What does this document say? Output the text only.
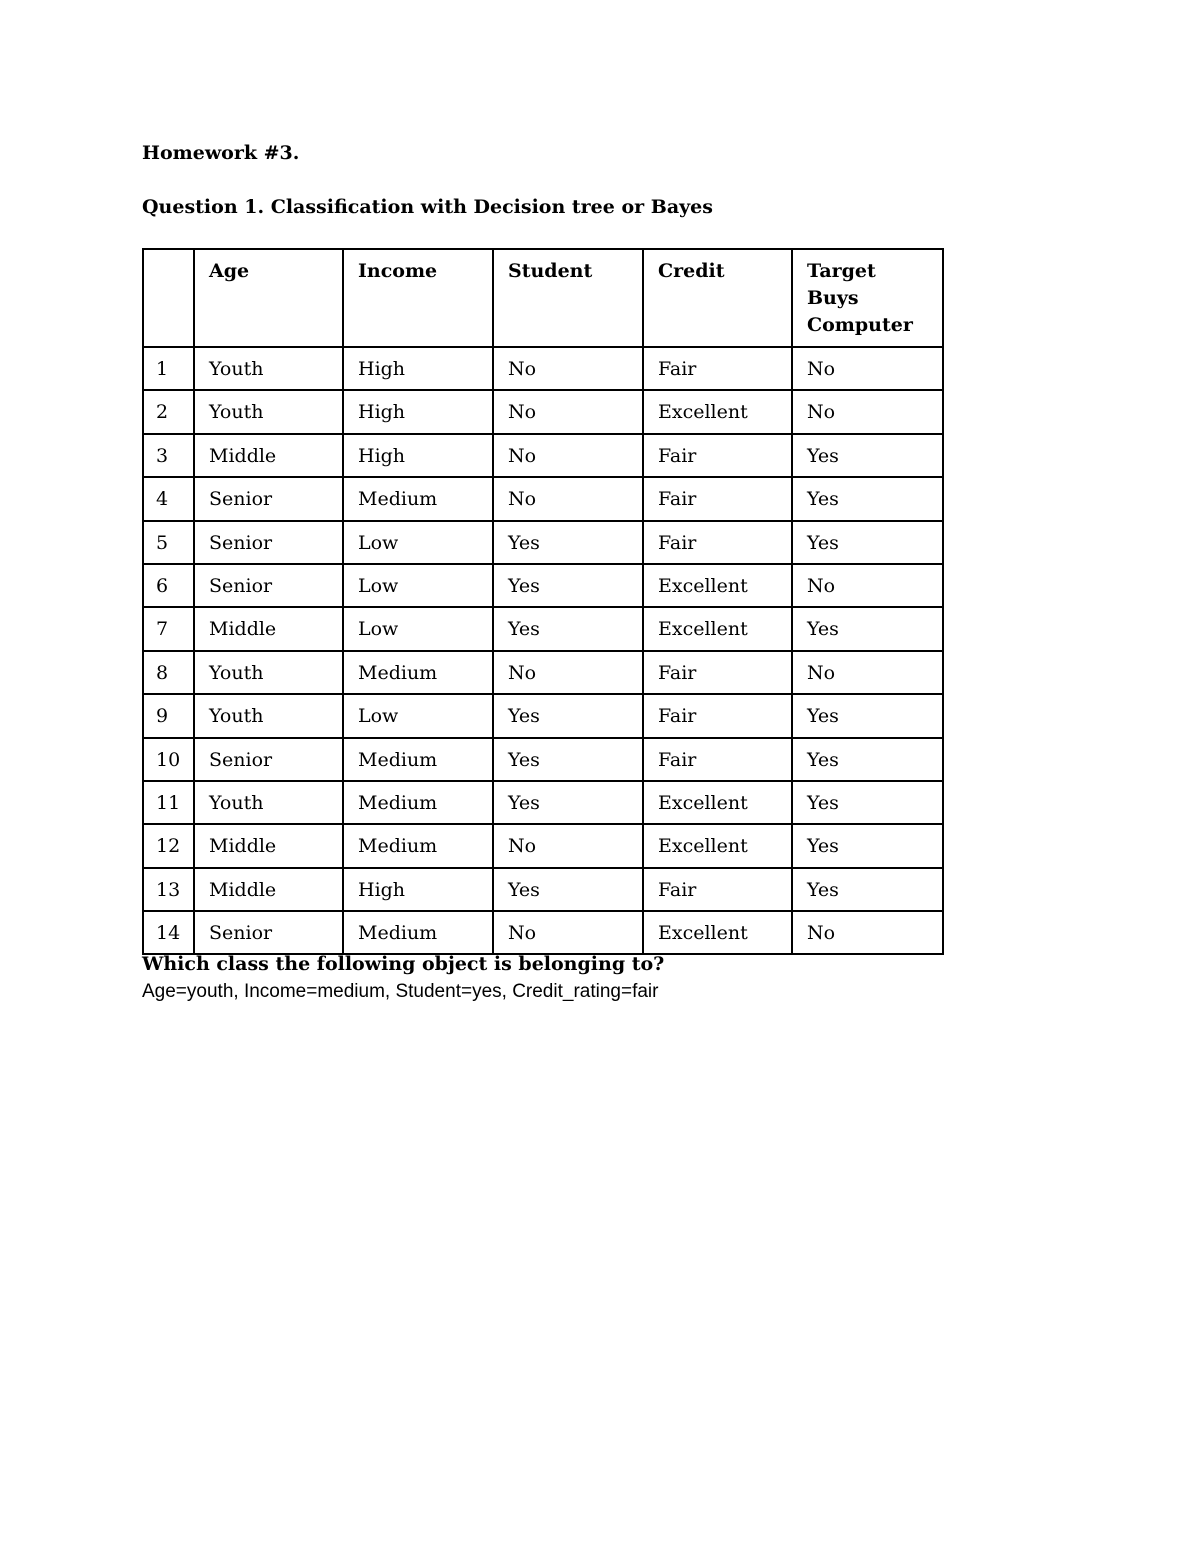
Homework #3.
Question 1. Classification with Decision tree or Bayes
	Age	Income	Student	Credit	Target
Buys
Computer
1	Youth	High	No	Fair	No
2	Youth	High	No	Excellent	No
3	Middle	High	No	Fair	Yes
4	Senior	Medium	No	Fair	Yes
5	Senior	Low	Yes	Fair	Yes
6	Senior	Low	Yes	Excellent	No
7	Middle	Low	Yes	Excellent	Yes
8	Youth	Medium	No	Fair	No
9	Youth	Low	Yes	Fair	Yes
10	Senior	Medium	Yes	Fair	Yes
11	Youth	Medium	Yes	Excellent	Yes
12	Middle	Medium	No	Excellent	Yes
13	Middle	High	Yes	Fair	Yes
14	Senior	Medium	No	Excellent	No
Which class the following object is belonging to?
Age=youth, Income=medium, Student=yes, Credit_rating=fair
